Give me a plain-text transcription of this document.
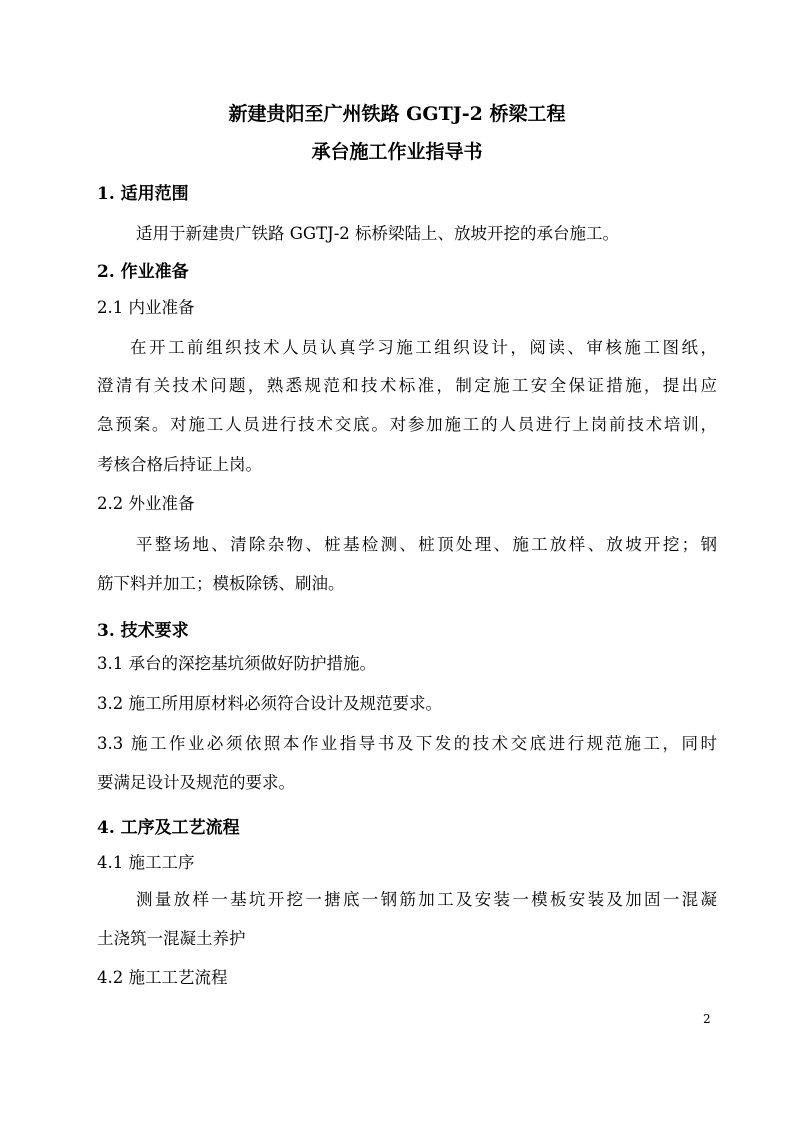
新建贵阳至广州铁路 GGTJ-2 桥梁工程
承台施工作业指导书
1. 适用范围
适用于新建贵广铁路 GGTJ-2 标桥梁陆上、放坡开挖的承台施工。
2. 作业准备
2.1 内业准备
在开工前组织技术人员认真学习施工组织设计，阅读、审核施工图纸，
澄清有关技术问题，熟悉规范和技术标准，制定施工安全保证措施，提出应
急预案。对施工人员进行技术交底。对参加施工的人员进行上岗前技术培训，
考核合格后持证上岗。
2.2 外业准备
平整场地、清除杂物、桩基检测、桩顶处理、施工放样、放坡开挖；钢
筋下料并加工；模板除锈、刷油。
3. 技术要求
3.1 承台的深挖基坑须做好防护措施。
3.2 施工所用原材料必须符合设计及规范要求。
3.3 施工作业必须依照本作业指导书及下发的技术交底进行规范施工，同时
要满足设计及规范的要求。
4. 工序及工艺流程
4.1 施工工序
测量放样一基坑开挖一搪底一钢筋加工及安装一模板安装及加固一混凝
土浇筑一混凝土养护
4.2 施工工艺流程
2
